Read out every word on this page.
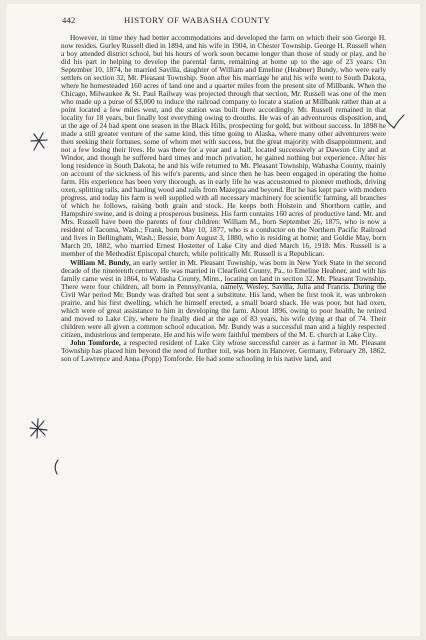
442	HISTORY OF WABASHA COUNTY

However, in time they had better accommodations and developed the farm on which their son George H. now resides. Gurley Russell died in 1894, and his wife in 1904, in Chester Township. George H. Russell when a boy attended district school, but his hours of work soon became longer than those of study or play, and he did his part in helping to develop the parental farm, remaining at home up to the age of 23 years. On September 10, 1874, he married Savilla, daughter of William and Emeline (Heabner) Bundy, who were early settlers on section 32, Mt. Pleasant Township. Soon after his marriage he and his wife went to South Dakota, where he homesteaded 160 acres of land one and a quarter miles from the present site of Millbank. When the Chicago, Milwaukee & St. Paul Railway was projected through that section, Mr. Russell was one of the men who made up a purse of $3,000 to induce the railroad company to locate a station at Millbank rather than at a point located a few miles west, and the station was built there accordingly. Mr. Russell remained in that locality for 18 years, but finally lost everything owing to drouths. He was of an adventurous disposition, and at the age of 24 had spent one season in the Black Hills, prospecting for gold, but without success. In 1898 he made a still greater venture of the same kind, this time going to Alaska, where many other adventurers were then seeking their fortunes, some of whom met with success, but the great majority with disappointment, and not a few losing their lives. He was there for a year and a half, located successively at Dawson City and at Windor, and though he suffered hard times and much privation, he gained nothing but experience. After his long residence in South Dakota, he and his wife returned to Mt. Pleasant Township, Wabasha County, mainly on account of the sickness of his wife's parents, and since then he has been engaged in operating the home farm. His experience has been very thorough, as in early life he was accustomed to pioneer methods, driving oxen, splitting rails, and hauling wood and rails from Mazeppa and beyond. But he has kept pace with modern progress, and today his farm is well supplied with all necessary machinery for scientific farming, all branches of which he follows, raising both grain and stock. He keeps both Holstein and Shorthorn cattle, and Hampshire swine, and is doing a prosperous business. His farm contains 160 acres of productive land. Mr. and Mrs. Russell have been the parents of four children: William M., born September 26, 1875, who is now a resident of Tacoma, Wash.; Frank, born May 10, 1877, who is a conductor on the Northern Pacific Railroad and lives in Bellingham, Wash.; Bessie, born August 3, 1880, who is residing at home; and Goldie May, born March 20, 1882, who married Ernest Hostetter of Lake City and died March 16, 1918. Mrs. Russell is a member of the Methodist Episcopal church, while politically Mr. Russell is a Republican.

William M. Bundy, an early settler in Mt. Pleasant Township, was born in New York State in the second decade of the nineteenth century. He was married in Clearfield County, Pa., to Emeline Heabner, and with his family came west in 1864, to Wabasha County, Minn., locating on land in section 32, Mt. Pleasant Township. There were four children, all born in Pennsylvania, namely, Wesley, Savilla, Julia and Francis. During the Civil War period Mr. Bundy was drafted but sent a substitute. His land, when he first took it, was unbroken prairie, and his first dwelling, which he himself erected, a small board shack. He was poor, but had oxen, which were of great assistance to him in developing the farm. About 1896, owing to poor health, he retired and moved to Lake City, where he finally died at the age of 83 years, his wife dying at that of 74. Their children were all given a common school education. Mr. Bundy was a successful man and a highly respected citizen, industrious and temperate. He and his wife were faithful members of the M. E. church at Lake City.

John Tomforde, a respected resident of Lake City whose successful career as a farmer in Mt. Pleasant Township has placed him beyond the need of further toil, was born in Hanover, Germany, February 28, 1862, son of Lawrence and Anna (Popp) Tomforde. He had some schooling in his native land, and
